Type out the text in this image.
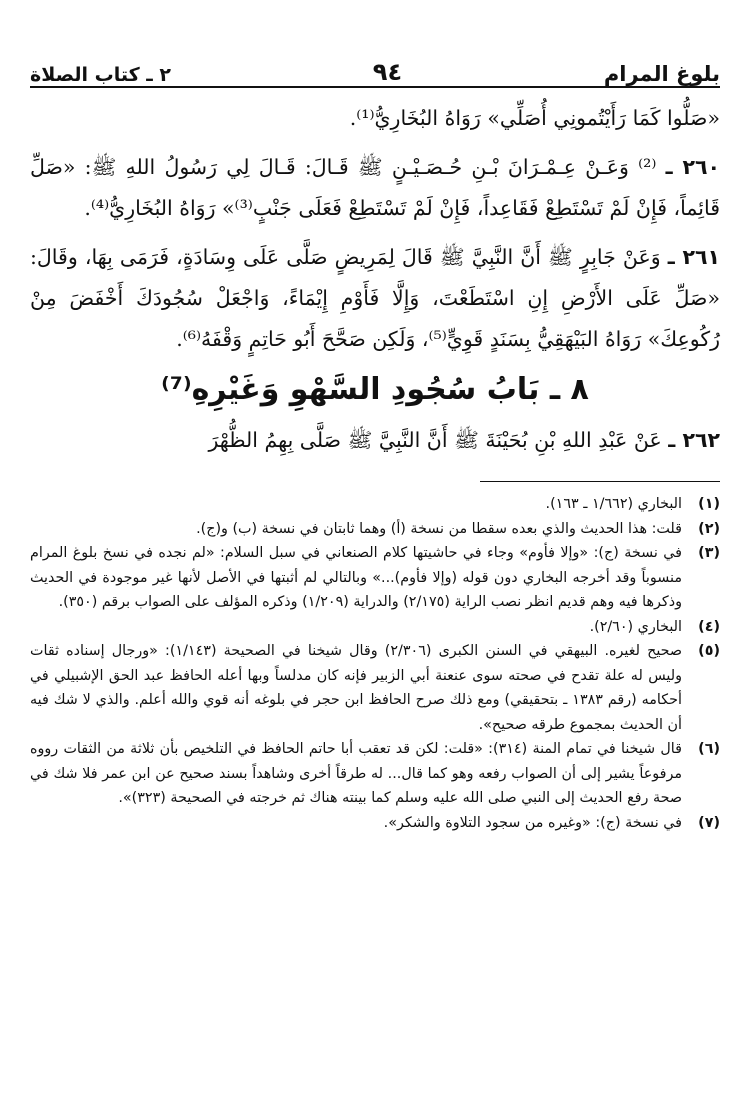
بلوغ المرام
٩٤
٢ ـ كتاب الصلاة

«صَلُّوا كَمَا رَأَيْتُمونِي أُصَلِّي» رَوَاهُ البُخَارِيُّ⁽¹⁾.

٢٦٠ ـ ⁽²⁾ وَعَـنْ عِـمْـرَانَ بْـنِ حُـصَـيْـنٍ ﷺ قَـالَ: قَـالَ لِي رَسُولُ اللهِ ﷺ: «صَلِّ قَائِماً، فَإِنْ لَمْ تَسْتَطِعْ فَقَاعِداً، فَإِنْ لَمْ تَسْتَطِعْ فَعَلَى جَنْبٍ⁽³⁾» رَوَاهُ البُخَارِيُّ⁽⁴⁾.

٢٦١ ـ وَعَنْ جَابِرٍ ﷺ أَنَّ النَّبِيَّ ﷺ قَالَ لِمَرِيضٍ صَلَّى عَلَى وِسَادَةٍ، فَرَمَى بِهَا، وقَالَ: «صَلِّ عَلَى الأَرْضِ إِنِ اسْتَطَعْتَ، وَإِلَّا فَأَوْمِ إِيْمَاءً، وَاجْعَلْ سُجُودَكَ أَخْفَضَ مِنْ رُكُوعِكَ» رَوَاهُ البَيْهَقِيُّ بِسَنَدٍ قَوِيٍّ⁽⁵⁾، وَلَكِن صَحَّحَ أَبُو حَاتِمٍ وَقْفَهُ⁽⁶⁾.

٨ ـ بَابُ سُجُودِ السَّهْوِ وَغَيْرِهِ⁽⁷⁾

٢٦٢ ـ عَنْ عَبْدِ اللهِ بْنِ بُحَيْنَةَ ﷺ أَنَّ النَّبِيَّ ﷺ صَلَّى بِهِمُ الظُّهْرَ

(١)
البخاري (١/٦٦٢ ـ ١٦٣).
(٢)
قلت: هذا الحديث والذي بعده سقطا من نسخة (أ) وهما ثابتان في نسخة (ب) و(ج).
(٣)
في نسخة (ج): «وإلا فأوم» وجاء في حاشيتها كلام الصنعاني في سبل السلام: «لم نجده في نسخ بلوغ المرام منسوباً وقد أخرجه البخاري دون قوله (وإلا فأوم)...» وبالتالي لم أثبتها في الأصل لأنها غير موجودة في الحديث وذكرها فيه وهم قديم انظر نصب الراية (٢/١٧٥) والدراية (١/٢٠٩) وذكره المؤلف على الصواب برقم (٣٥٠).
(٤)
البخاري (٢/٦٠).
(٥)
صحيح لغيره. البيهقي في السنن الكبرى (٢/٣٠٦) وقال شيخنا في الصحيحة (١/١٤٣): «ورجال إسناده ثقات وليس له علة تقدح في صحته سوى عنعنة أبي الزبير فإنه كان مدلساً وبها أعله الحافظ عبد الحق الإشبيلي في أحكامه (رقم ١٣٨٣ ـ بتحقيقي) ومع ذلك صرح الحافظ ابن حجر في بلوغه أنه قوي والله أعلم. والذي لا شك فيه أن الحديث بمجموع طرقه صحيح».
(٦)
قال شيخنا في تمام المنة (٣١٤): «قلت: لكن قد تعقب أبا حاتم الحافظ في التلخيص بأن ثلاثة من الثقات رووه مرفوعاً يشير إلى أن الصواب رفعه وهو كما قال... له طرقاً أخرى وشاهداً بسند صحيح عن ابن عمر فلا شك في صحة رفع الحديث إلى النبي صلى الله عليه وسلم كما بينته هناك ثم خرجته في الصحيحة (٣٢٣)».
(٧)
في نسخة (ج): «وغيره من سجود التلاوة والشكر».
